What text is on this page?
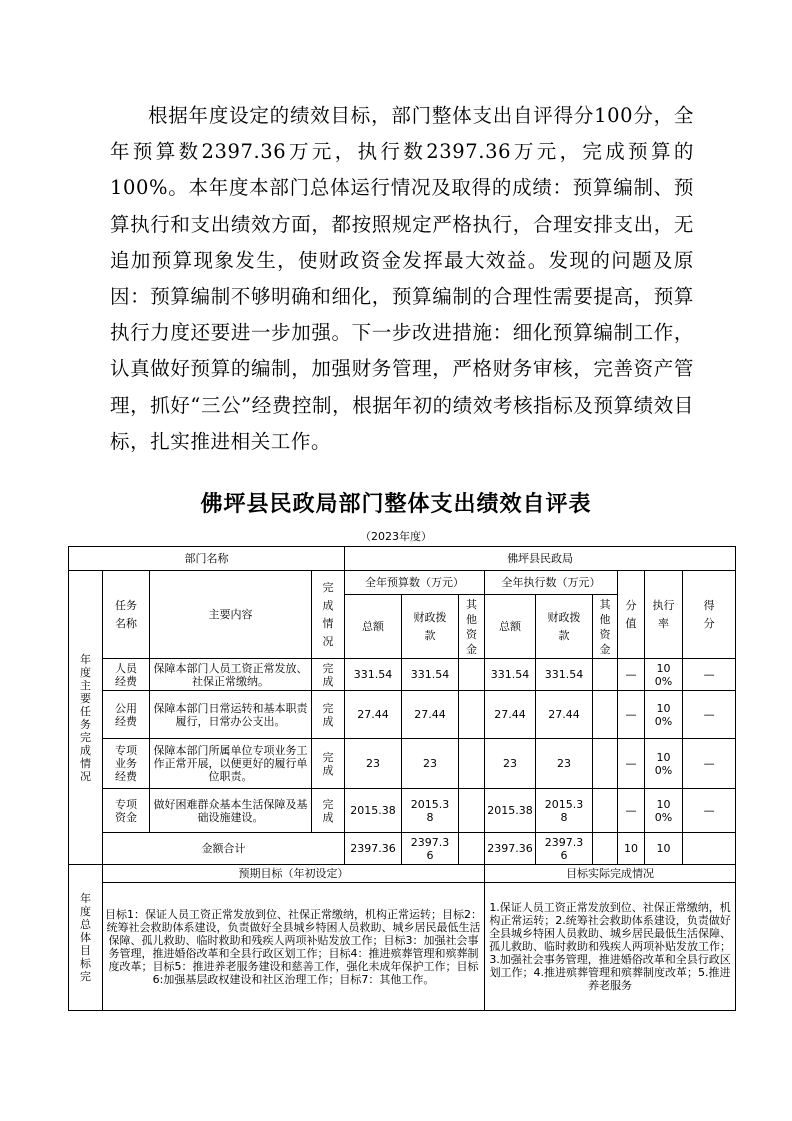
根据年度设定的绩效目标，部门整体支出自评得分100分，全年预算数2397.36万元，执行数2397.36万元，完成预算的100%。本年度本部门总体运行情况及取得的成绩：预算编制、预算执行和支出绩效方面，都按照规定严格执行，合理安排支出，无追加预算现象发生，使财政资金发挥最大效益。发现的问题及原因：预算编制不够明确和细化，预算编制的合理性需要提高，预算执行力度还要进一步加强。下一步改进措施：细化预算编制工作，认真做好预算的编制，加强财务管理，严格财务审核，完善资产管理，抓好“三公”经费控制，根据年初的绩效考核指标及预算绩效目标，扎实推进相关工作。

佛坪县民政局部门整体支出绩效自评表

（2023年度）

部门名称				佛坪县民政局								

年度主要任务完成情况	任务名称	主要内容	完成情况	全年预算数（万元）			全年执行数（万元）			分值	执行率	得分

				总额	财政拨款	其他资金	总额	财政拨款	其他资金			

	人员经费	保障本部门人员工资正常发放、社保正常缴纳。	完成	331.54	331.54		331.54	331.54		—	100%	—

	公用经费	保障本部门日常运转和基本职责履行，日常办公支出。	完成	27.44	27.44		27.44	27.44		—	100%	—

	专项业务经费	保障本部门所属单位专项业务工作正常开展，以便更好的履行单位职责。	完成	23	23		23	23		—	100%	—

	专项资金	做好困难群众基本生活保障及基础设施建设。	完成	2015.38	2015.38		2015.38	2015.38		—	100%	—
	金额合计			2397.36	2397.36		2397.36	2397.36		10	10	

年度总体目标完	预期目标（年初设定）						目标实际完成情况					
	目标1：保证人员工资正常发放到位、社保正常缴纳，机构正常运转；目标2：统筹社会救助体系建设，负责做好全县城乡特困人员救助、城乡居民最低生活保障、孤儿救助、临时救助和残疾人两项补贴发放工作；目标3：加强社会事务管理，推进婚俗改革和全县行政区划工作；目标4：推进殡葬管理和殡葬制度改革；目标5：推进养老服务建设和慈善工作，强化未成年保护工作；目标6:加强基层政权建设和社区治理工作；目标7：其他工作。						1.保证人员工资正常发放到位、社保正常缴纳，机构正常运转；2.统筹社会救助体系建设，负责做好全县城乡特困人员救助、城乡居民最低生活保障、孤儿救助、临时救助和残疾人两项补贴发放工作；3.加强社会事务管理，推进婚俗改革和全县行政区划工作；4.推进殡葬管理和殡葬制度改革；5.推进养老服务					
